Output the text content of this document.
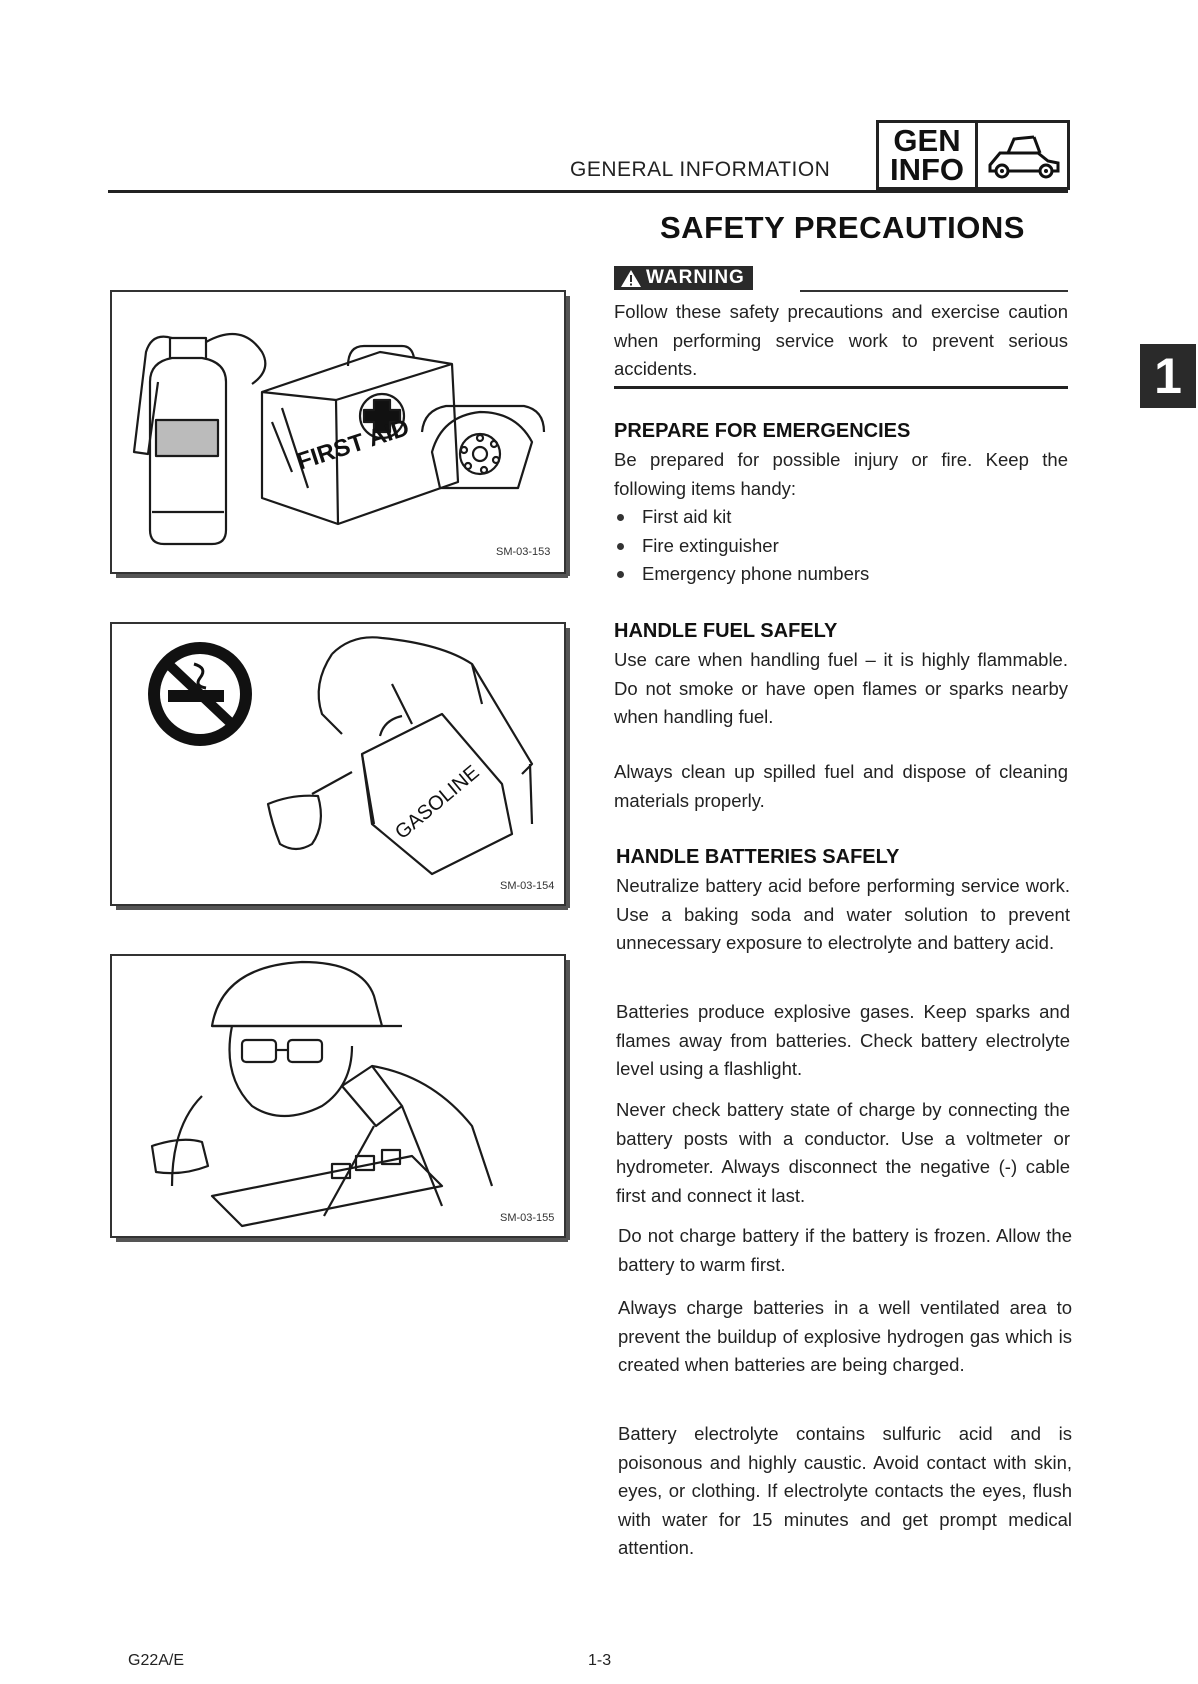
GENERAL INFORMATION
GEN
INFO
1
SAFETY PRECAUTIONS
WARNING
Follow these safety precautions and exercise caution when performing service work to prevent serious accidents.
PREPARE FOR EMERGENCIES
Be prepared for possible injury or fire. Keep the following items handy:
First aid kit
Fire extinguisher
Emergency phone numbers
HANDLE FUEL SAFELY
Use care when handling fuel – it is highly flammable. Do not smoke or have open flames or sparks nearby when handling fuel.
Always clean up spilled fuel and dispose of cleaning materials properly.
HANDLE BATTERIES SAFELY
Neutralize battery acid before performing service work. Use a baking soda and water solution to prevent unnecessary exposure to electrolyte and battery acid.
Batteries produce explosive gases. Keep sparks and flames away from batteries. Check battery electrolyte level using a flashlight.
Never check battery state of charge by connecting the battery posts with a conductor. Use a voltmeter or hydrometer. Always disconnect the negative (-) cable first and connect it last.
Do not charge battery if the battery is frozen. Allow the battery to warm first.
Always charge batteries in a well ventilated area to prevent the buildup of explosive hydrogen gas which is created when batteries are being charged.
Battery electrolyte contains sulfuric acid and is poisonous and highly caustic. Avoid contact with skin, eyes, or clothing. If electrolyte contacts the eyes, flush with water for 15 minutes and get prompt medical attention.
FIRST AID
SM-03-153
GASOLINE
SM-03-154
SM-03-155
G22A/E	1-3
